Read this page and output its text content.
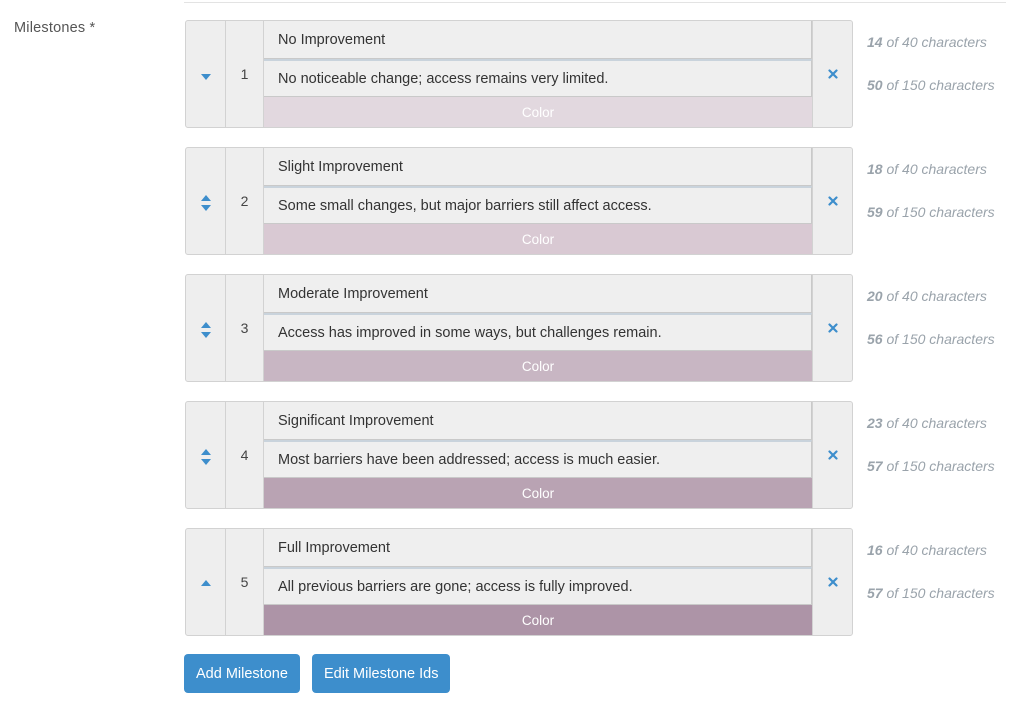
Milestones *
1
No Improvement
No noticeable change; access remains very limited.
Color
14 of 40 characters
50 of 150 characters
2
Slight Improvement
Some small changes, but major barriers still affect access.
Color
18 of 40 characters
59 of 150 characters
3
Moderate Improvement
Access has improved in some ways, but challenges remain.
Color
20 of 40 characters
56 of 150 characters
4
Significant Improvement
Most barriers have been addressed; access is much easier.
Color
23 of 40 characters
57 of 150 characters
5
Full Improvement
All previous barriers are gone; access is fully improved.
Color
16 of 40 characters
57 of 150 characters
Add Milestone	Edit Milestone Ids
